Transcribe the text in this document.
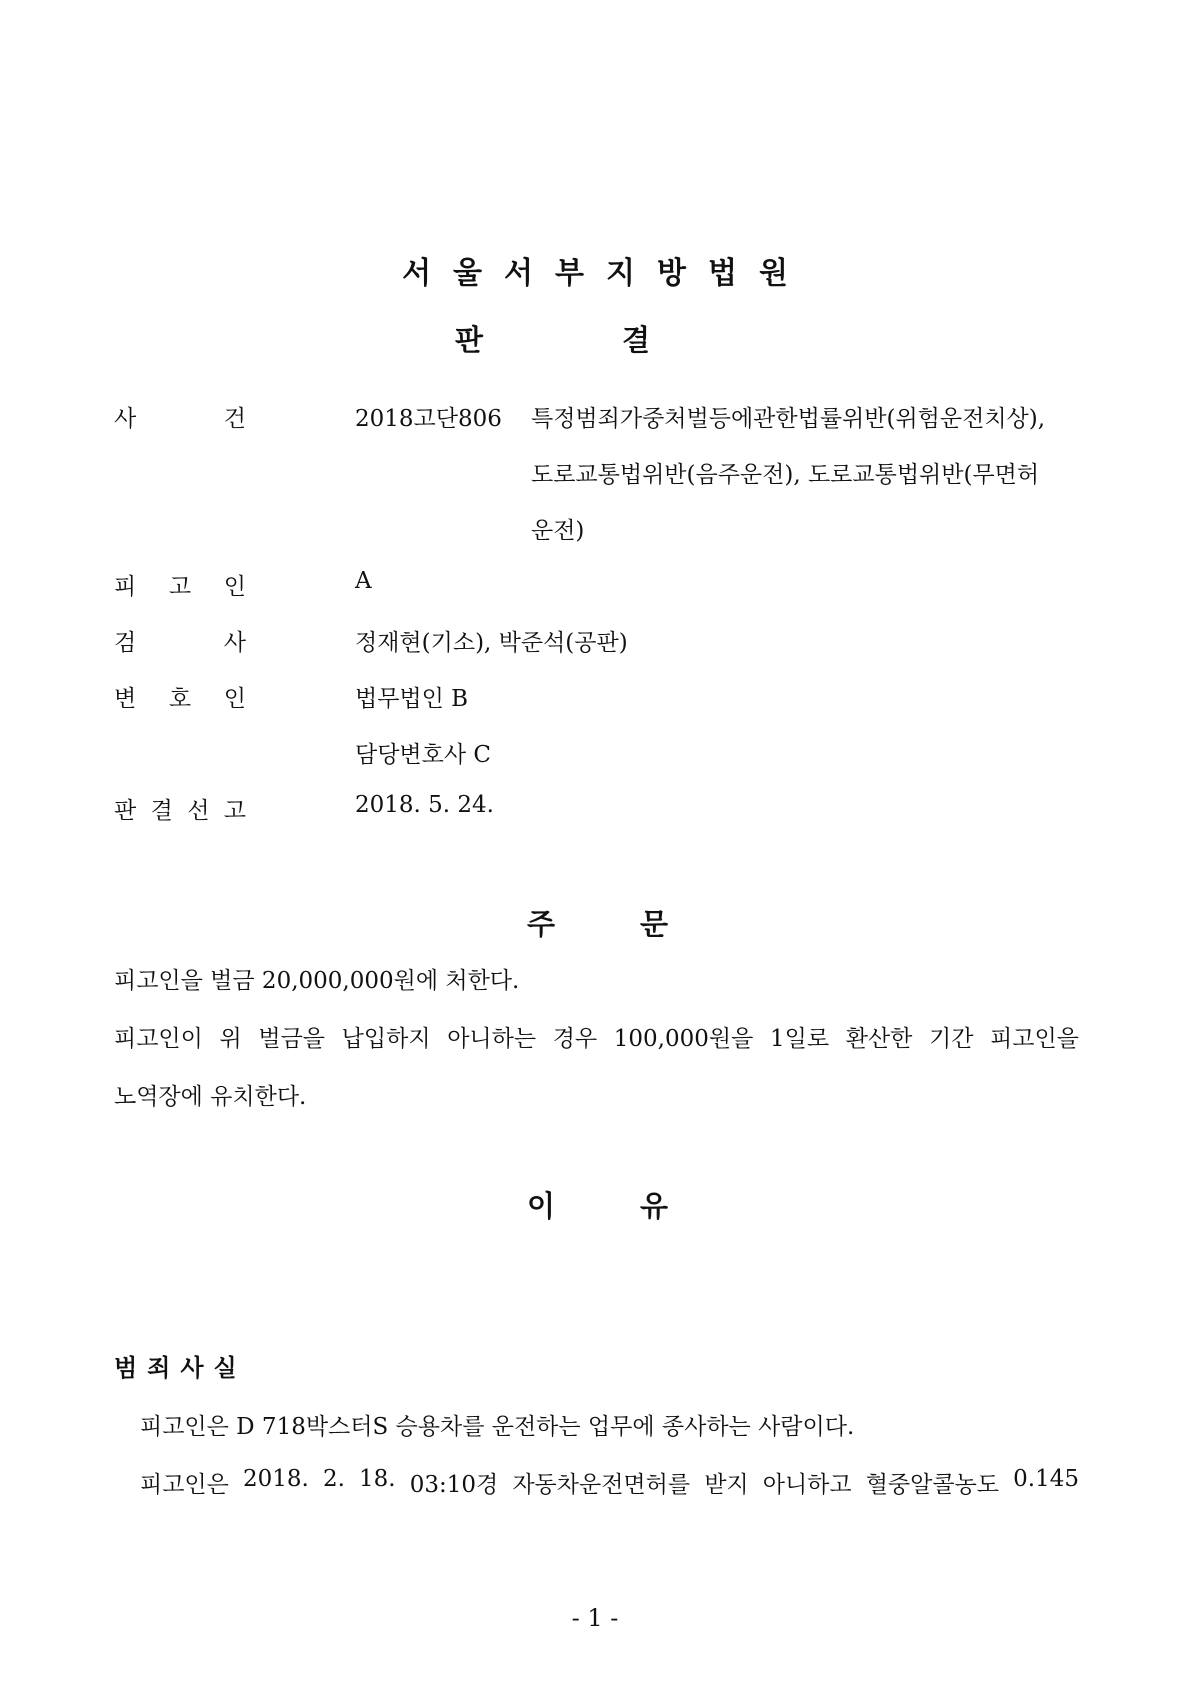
서울서부지방법원
판	결
사	건	2018고단806 특정범죄가중처벌등에관한법률위반(위험운전치상),
도로교통법위반(음주운전), 도로교통법위반(무면허
운전)
피 고 인	A
검	사	정재현(기소), 박준석(공판)
변 호 인	법무법인 B
담당변호사 C
판 결 선 고	2018. 5. 24.
주	문
피고인을 벌금 20,000,000원에 처한다.
피고인이 위 벌금을 납입하지 아니하는 경우 100,000원을 1일로 환산한 기간 피고인을
노역장에 유치한다.
이	유
범죄사실
피고인은 D 718박스터S 승용차를 운전하는 업무에 종사하는 사람이다.
피고인은 2018. 2. 18. 03:10경 자동차운전면허를 받지 아니하고 혈중알콜농도 0.145
- 1 -
